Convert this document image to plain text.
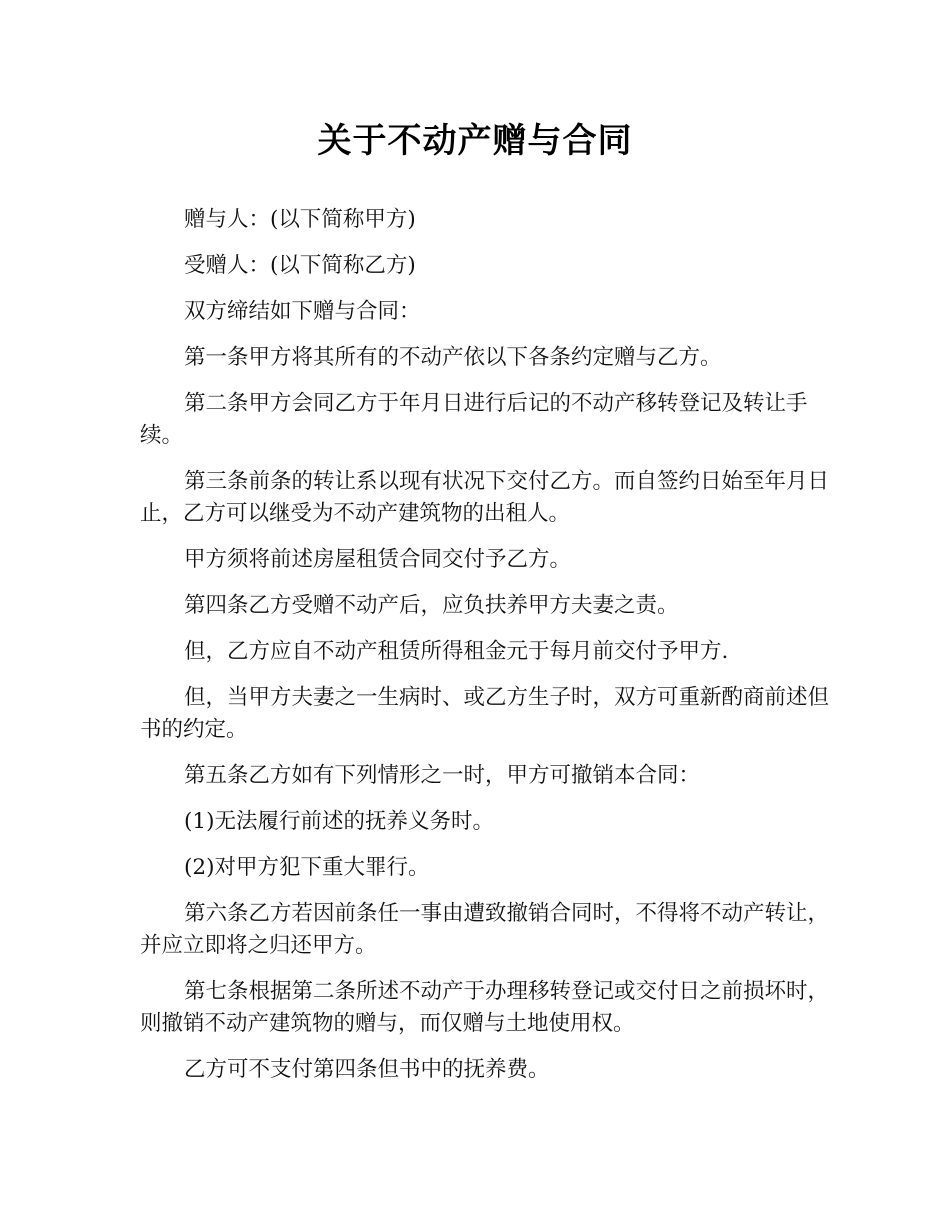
关于不动产赠与合同

赠与人：(以下简称甲方)

受赠人：(以下简称乙方)

双方缔结如下赠与合同：

第一条甲方将其所有的不动产依以下各条约定赠与乙方。

第二条甲方会同乙方于年月日进行后记的不动产移转登记及转让手续。

第三条前条的转让系以现有状况下交付乙方。而自签约日始至年月日止，乙方可以继受为不动产建筑物的出租人。

甲方须将前述房屋租赁合同交付予乙方。

第四条乙方受赠不动产后，应负扶养甲方夫妻之责。

但，乙方应自不动产租赁所得租金元于每月前交付予甲方.

但，当甲方夫妻之一生病时、或乙方生子时，双方可重新酌商前述但书的约定。

第五条乙方如有下列情形之一时，甲方可撤销本合同：

(1)无法履行前述的抚养义务时。

(2)对甲方犯下重大罪行。

第六条乙方若因前条任一事由遭致撤销合同时，不得将不动产转让，并应立即将之归还甲方。

第七条根据第二条所述不动产于办理移转登记或交付日之前损坏时，则撤销不动产建筑物的赠与，而仅赠与土地使用权。

乙方可不支付第四条但书中的抚养费。
